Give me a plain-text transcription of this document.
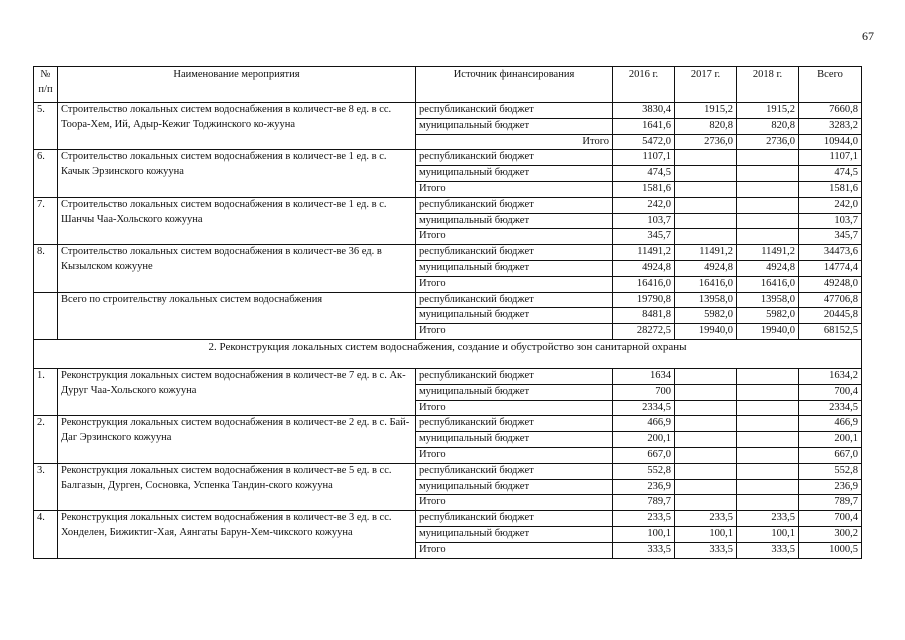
67
№ п/п	Наименование мероприятия	Источник финансирования	2016 г.	2017 г.	2018 г.	Всего
5.	Строительство локальных систем водоснабжения в количест-ве 8 ед. в сс. Тоора-Хем, Ий, Адыр-Кежиг Тоджинского ко-жууна	республиканский бюджет	3830,4	1915,2	1915,2	7660,8
		муниципальный бюджет	1641,6	820,8	820,8	3283,2
		Итого	5472,0	2736,0	2736,0	10944,0
6.	Строительство локальных систем водоснабжения в количест-ве 1 ед. в с. Качык Эрзинского кожууна	республиканский бюджет	1107,1			1107,1
		муниципальный бюджет	474,5			474,5
		Итого	1581,6			1581,6
7.	Строительство локальных систем водоснабжения в количест-ве 1 ед. в с. Шанчы Чаа-Хольского кожууна	республиканский бюджет	242,0			242,0
		муниципальный бюджет	103,7			103,7
		Итого	345,7			345,7
8.	Строительство локальных систем водоснабжения в количест-ве 36 ед. в Кызылском кожууне	республиканский бюджет	11491,2	11491,2	11491,2	34473,6
		муниципальный бюджет	4924,8	4924,8	4924,8	14774,4
		Итого	16416,0	16416,0	16416,0	49248,0
	Всего по строительству локальных систем водоснабжения	республиканский бюджет	19790,8	13958,0	13958,0	47706,8
		муниципальный бюджет	8481,8	5982,0	5982,0	20445,8
		Итого	28272,5	19940,0	19940,0	68152,5
2. Реконструкция локальных систем водоснабжения, создание и обустройство зон санитарной охраны						
1.	Реконструкция локальных систем водоснабжения в количест-ве 7 ед. в с. Ак-Дуруг Чаа-Хольского кожууна	республиканский бюджет	1634			1634,2
		муниципальный бюджет	700			700,4
		Итого	2334,5			2334,5
2.	Реконструкция локальных систем водоснабжения в количест-ве 2 ед. в с. Бай-Даг Эрзинского кожууна	республиканский бюджет	466,9			466,9
		муниципальный бюджет	200,1			200,1
		Итого	667,0			667,0
3.	Реконструкция локальных систем водоснабжения в количест-ве 5 ед. в сс. Балгазын, Дурген, Сосновка, Успенка Тандин-ского кожууна	республиканский бюджет	552,8			552,8
		муниципальный бюджет	236,9			236,9
		Итого	789,7			789,7
4.	Реконструкция локальных систем водоснабжения в количест-ве 3 ед. в сс. Хонделен, Бижиктиг-Хая, Аянгаты Барун-Хем-чикского кожууна	республиканский бюджет	233,5	233,5	233,5	700,4
		муниципальный бюджет	100,1	100,1	100,1	300,2
		Итого	333,5	333,5	333,5	1000,5
